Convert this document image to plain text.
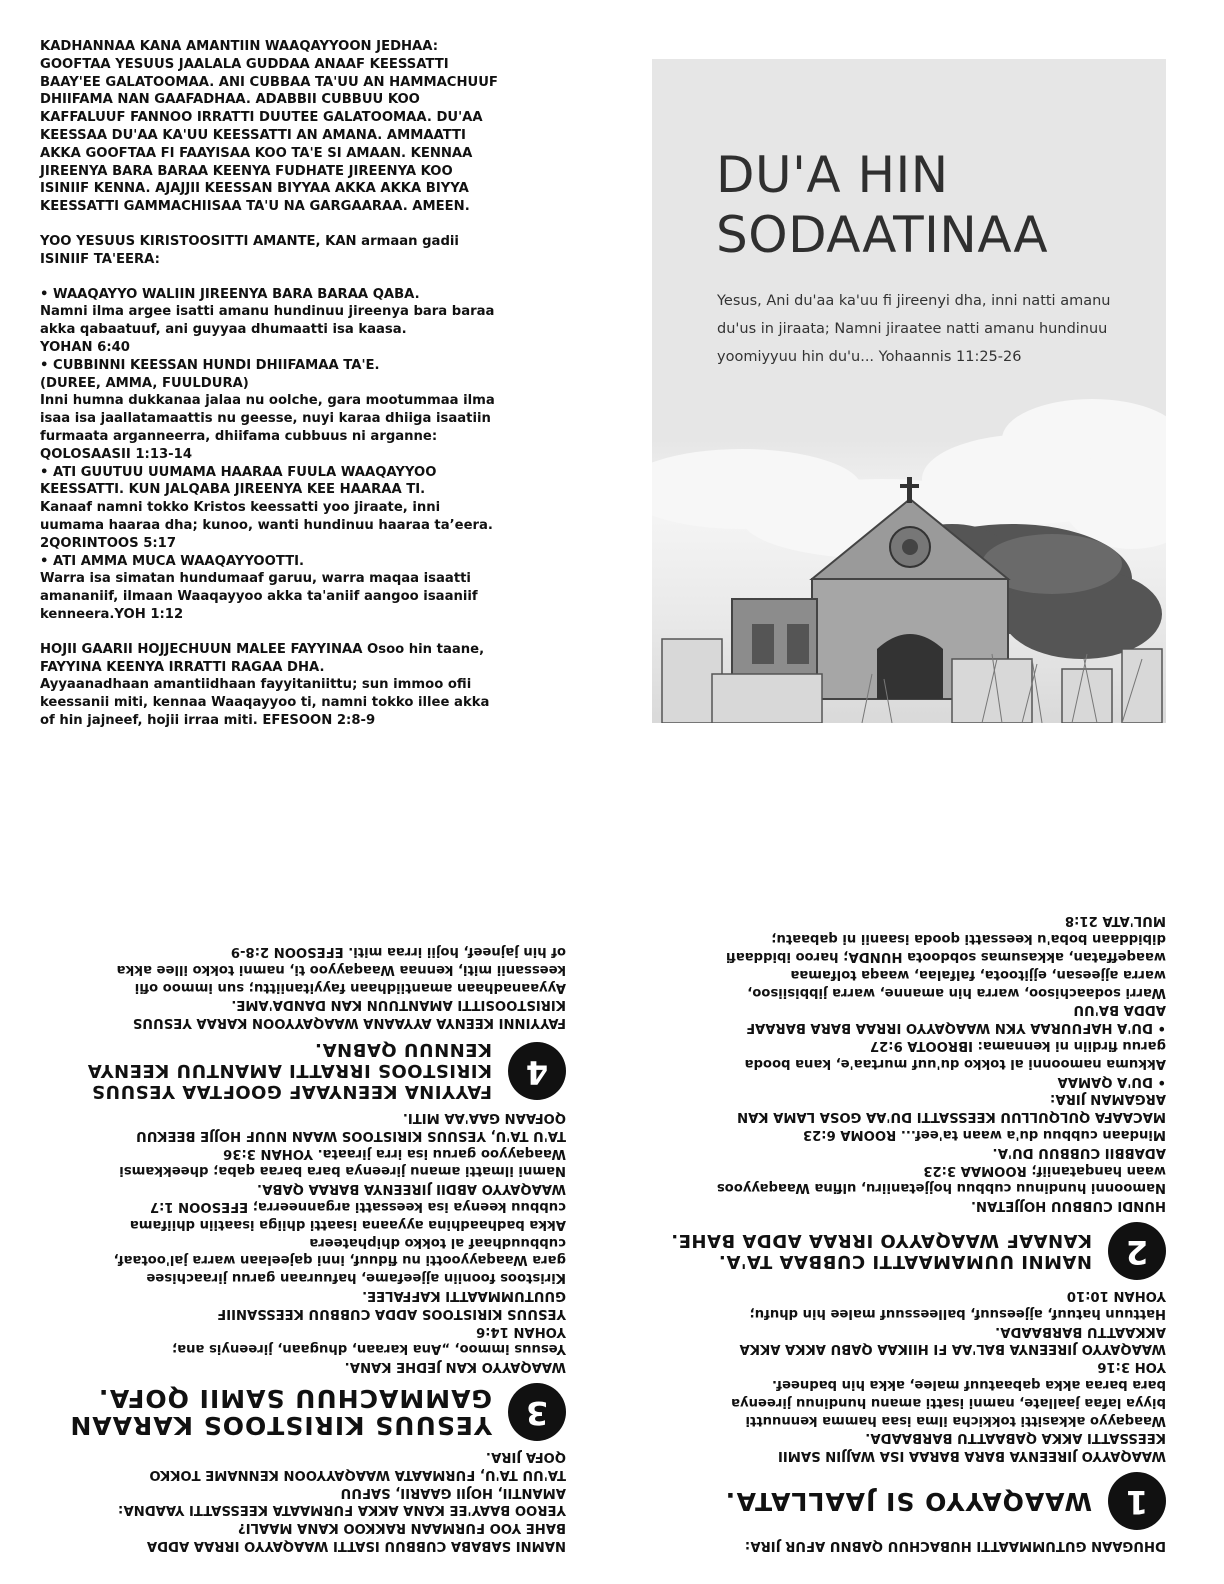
KADHANNAA KANA AMANTIIN WAAQAYYOON JEDHAA:
GOOFTAA YESUUS JAALALA GUDDAA ANAAF KEESSATTI
BAAY'EE GALATOOMAA. ANI CUBBAA TA'UU AN HAMMACHUUF
DHIIFAMA NAN GAAFADHAA. ADABBII CUBBUU KOO
KAFFALUUF FANNOO IRRATTI DUUTEE GALATOOMAA. DU'AA
KEESSAA DU'AA KA'UU KEESSATTI AN AMANA. AMMAATTI
AKKA GOOFTAA FI FAAYISAA KOO TA'E SI AMAAN. KENNAA
JIREENYA BARA BARAA KEENYA FUDHATE JIREENYA KOO
ISINIIF KENNA. AJAJJII KEESSAN BIYYAA AKKA AKKA BIYYA
KEESSATTI GAMMACHIISAA TA'U NA GARGAARAA. AMEEN.

YOO YESUUS KIRISTOOSITTI AMANTE, KAN armaan gadii
ISINIIF TA'EERA:

• WAAQAYYO WALIIN JIREENYA BARA BARAA QABA.
Namni ilma argee isatti amanu hundinuu jireenya bara baraa
akka qabaatuuf, ani guyyaa dhumaatti isa kaasa.
YOHAN 6:40
• CUBBINNI KEESSAN HUNDI DHIIFAMAA TA'E.
(DUREE, AMMA, FUULDURA)
Inni humna dukkanaa jalaa nu oolche, gara mootummaa ilma
isaa isa jaallatamaattis nu geesse, nuyi karaa dhiiga isaatiin
furmaata arganneerra, dhiifama cubbuus ni arganne:
QOLOSAASII 1:13-14
• ATI GUUTUU UUMAMA HAARAA FUULA WAAQAYYOO
KEESSATTI. KUN JALQABA JIREENYA KEE HAARAA TI.
Kanaaf namni tokko Kristos keessatti yoo jiraate, inni
uumama haaraa dha; kunoo, wanti hundinuu haaraa ta’eera.
2QORINTOOS 5:17
• ATI AMMA MUCA WAAQAYYOOTTI.
Warra isa simatan hundumaaf garuu, warra maqaa isaatti
amananiif, ilmaan Waaqayyoo akka ta'aniif aangoo isaaniif
kenneera.YOH 1:12

HOJII GAARII HOJJECHUUN MALEE FAYYINAA Osoo hin taane,
FAYYINA KEENYA IRRATTI RAGAA DHA.
Ayyaanadhaan amantiidhaan fayyitaniittu; sun immoo ofii
keessanii miti, kennaa Waaqayyoo ti, namni tokko illee akka
of hin jajneef, hojii irraa miti. EFESOON 2:8-9

DU'A HIN SODAATINAA
Yesus, Ani du'aa ka'uu fi jireenyi dha, inni natti amanu du'us in jiraata; Namni jiraatee natti amanu hundinuu yoomiyyuu hin du'u... Yohaannis 11:25-26

DHUGAAN GUTUMMAATTI HUBACHUU QABNU AFUR JIRA:

1
WAAQAYYO SI JAALLATA.

WAAQAYYO JIREENYA BARA BARAA ISA WAJJIN SAMII
KEESSATTI AKKA QABAATTU BARBAADA.
Waaqayyo akkasitti tokkicha ilma isaa hamma kennuutti
biyya lafaa jaallate, namni isatti amanu hundinuu jireenya
bara baraa akka qabaatuuf malee, akka hin badneef.
YOH 3:16
WAAQAYYO JIREENYA BAL'AA FI HIIKAA QABU AKKA AKKA
AKKAATTU BARBAADA.
Hattuun hatuuf, ajjeesuuf, balleessuuf malee hin dhufu;
YOHAN 10:10

2
NAMNI UUMAMAATTI CUBBAA TA'A. KANAAF WAAQAYYO IRRAA ADDA BAHE.

HUNDI CUBBUU HOJJETAN.
Namoonni hundinuu cubbuu hojjetaniiru, ulfina Waaqayyoos
waan hanqataniif; ROOMAA 3:23
ADABBII CUBBUU DU'A.
Mindaan cubbuu du'a waan ta'eef... ROOMA 6:23
MACAAFA QULQULLUU KEESSATTI DU'AA GOSA LAMA KAN
ARGAMAN JIRA:
• DU'A QAMAA
Akkuma namoonni al tokko du'uuf murtaa'e, kana booda
garuu firdiin ni kennama: IBROOTA 9:27
• DU'A HAFUURAA YKN WAAQAYYO IRRAA BARA BARAAF
ADDA BA'UU
Warri sodaachisoo, warra hin amanne, warra jibbisiisoo,
warra ajjeesan, ejjitoota, falfalaa, waaqa tolfamaa
waaqeffatan, akkasumas sobdoota HUNDA; haroo ibiddaafi
dibiddaan boba'u keessatti qooda isaanii ni qabaatu;
MUL'ATA 21:8

NAMNI SABABA CUBBUU ISATTI WAAQAYYO IRRAA ADDA
BAHE YOO FURMAAN RAKKOO KANA MAALI?
YEROO BAAY'EE KANA AKKA FURMAATA KEESSATTI YAADNA:
AMANTII, HOJII GAARII, SAFUU
TA'UU TA'U, FURMAATA WAAQAYYOON KENNAME TOKKO
QOFA JIRA.

3
YESUUS KIRISTOOS KARAAN GAMMACHUU SAMII QOFA.

WAAQAYYO KAN JEDHE KANA.
Yesuus immoo, „Ana karaan, dhugaan, jireenyis ana;
YOHAN 14:6
YESUUS KIRISTOOS ADDA CUBBUU KEESSANIIF
GUUTUMMAATTI KAFFALEE.
Kiristoos fooniin ajjeefame, hafuuraan garuu jiraachisee
gara Waaqayyootti nu fiduuf, inni qajeelaan warra jal'ootaaf,
cubbuudhaaf al tokko dhiphateera
Akka badhaadhina ayyaana isaatti dhiiga isaatiin dhiifama
cubbuu keenya isa keessatti arganneerra; EFESOON 1:7
WAAQAYYO ABDII JIREENYA BARAA QABA.
Namni ilmatti amanu jireenya bara baraa qaba; dheekkamsi
Waaqayyoo garuu isa irra jiraata. YOHAN 3:36
TA'U TA'U, YESUUS KIRISTOOS WAAN NUUF HOJJE BEEKUU
QOFAAN GAA'AA MITI.

4
FAYYINA KEENYAAF GOOFTAA YESUUS KIRISTOOS IRRATTI AMANTUU KEENYA KENNUU QABNA.

FAYYINNI KEENYA AYYAANA WAAQAYYOON KARAA YESUUS
KIRISTOOSITTI AMANTUUN KAN DANDA'AME.
Ayyaanadhaan amantiidhaan fayyitaniittu; sun immoo ofii
keessanii miti, kennaa Waaqayyoo ti, namni tokko illee akka
of hin jajneef, hojii irraa miti. EFESOON 2:8-9
